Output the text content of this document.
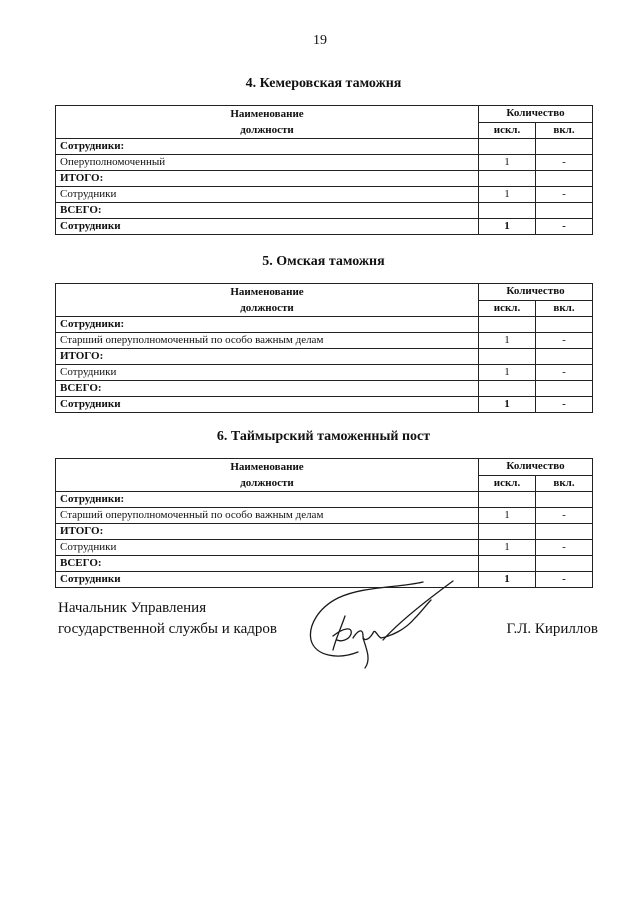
19
4. Кемеровская таможня
Наименование
должности	Количество	
	искл.	вкл.
Сотрудники:		
Оперуполномоченный	1	-
ИТОГО:		
Сотрудники	1	-
ВСЕГО:		
Сотрудники	1	-
5. Омская таможня
Наименование
должности	Количество	
	искл.	вкл.
Сотрудники:		
Старший оперуполномоченный по особо важным делам	1	-
ИТОГО:		
Сотрудники	1	-
ВСЕГО:		
Сотрудники	1	-
6. Таймырский таможенный пост
Наименование
должности	Количество	
	искл.	вкл.
Сотрудники:		
Старший оперуполномоченный по особо важным делам	1	-
ИТОГО:		
Сотрудники	1	-
ВСЕГО:		
Сотрудники	1	-
Начальник Управления
государственной службы и кадров	Г.Л. Кириллов
